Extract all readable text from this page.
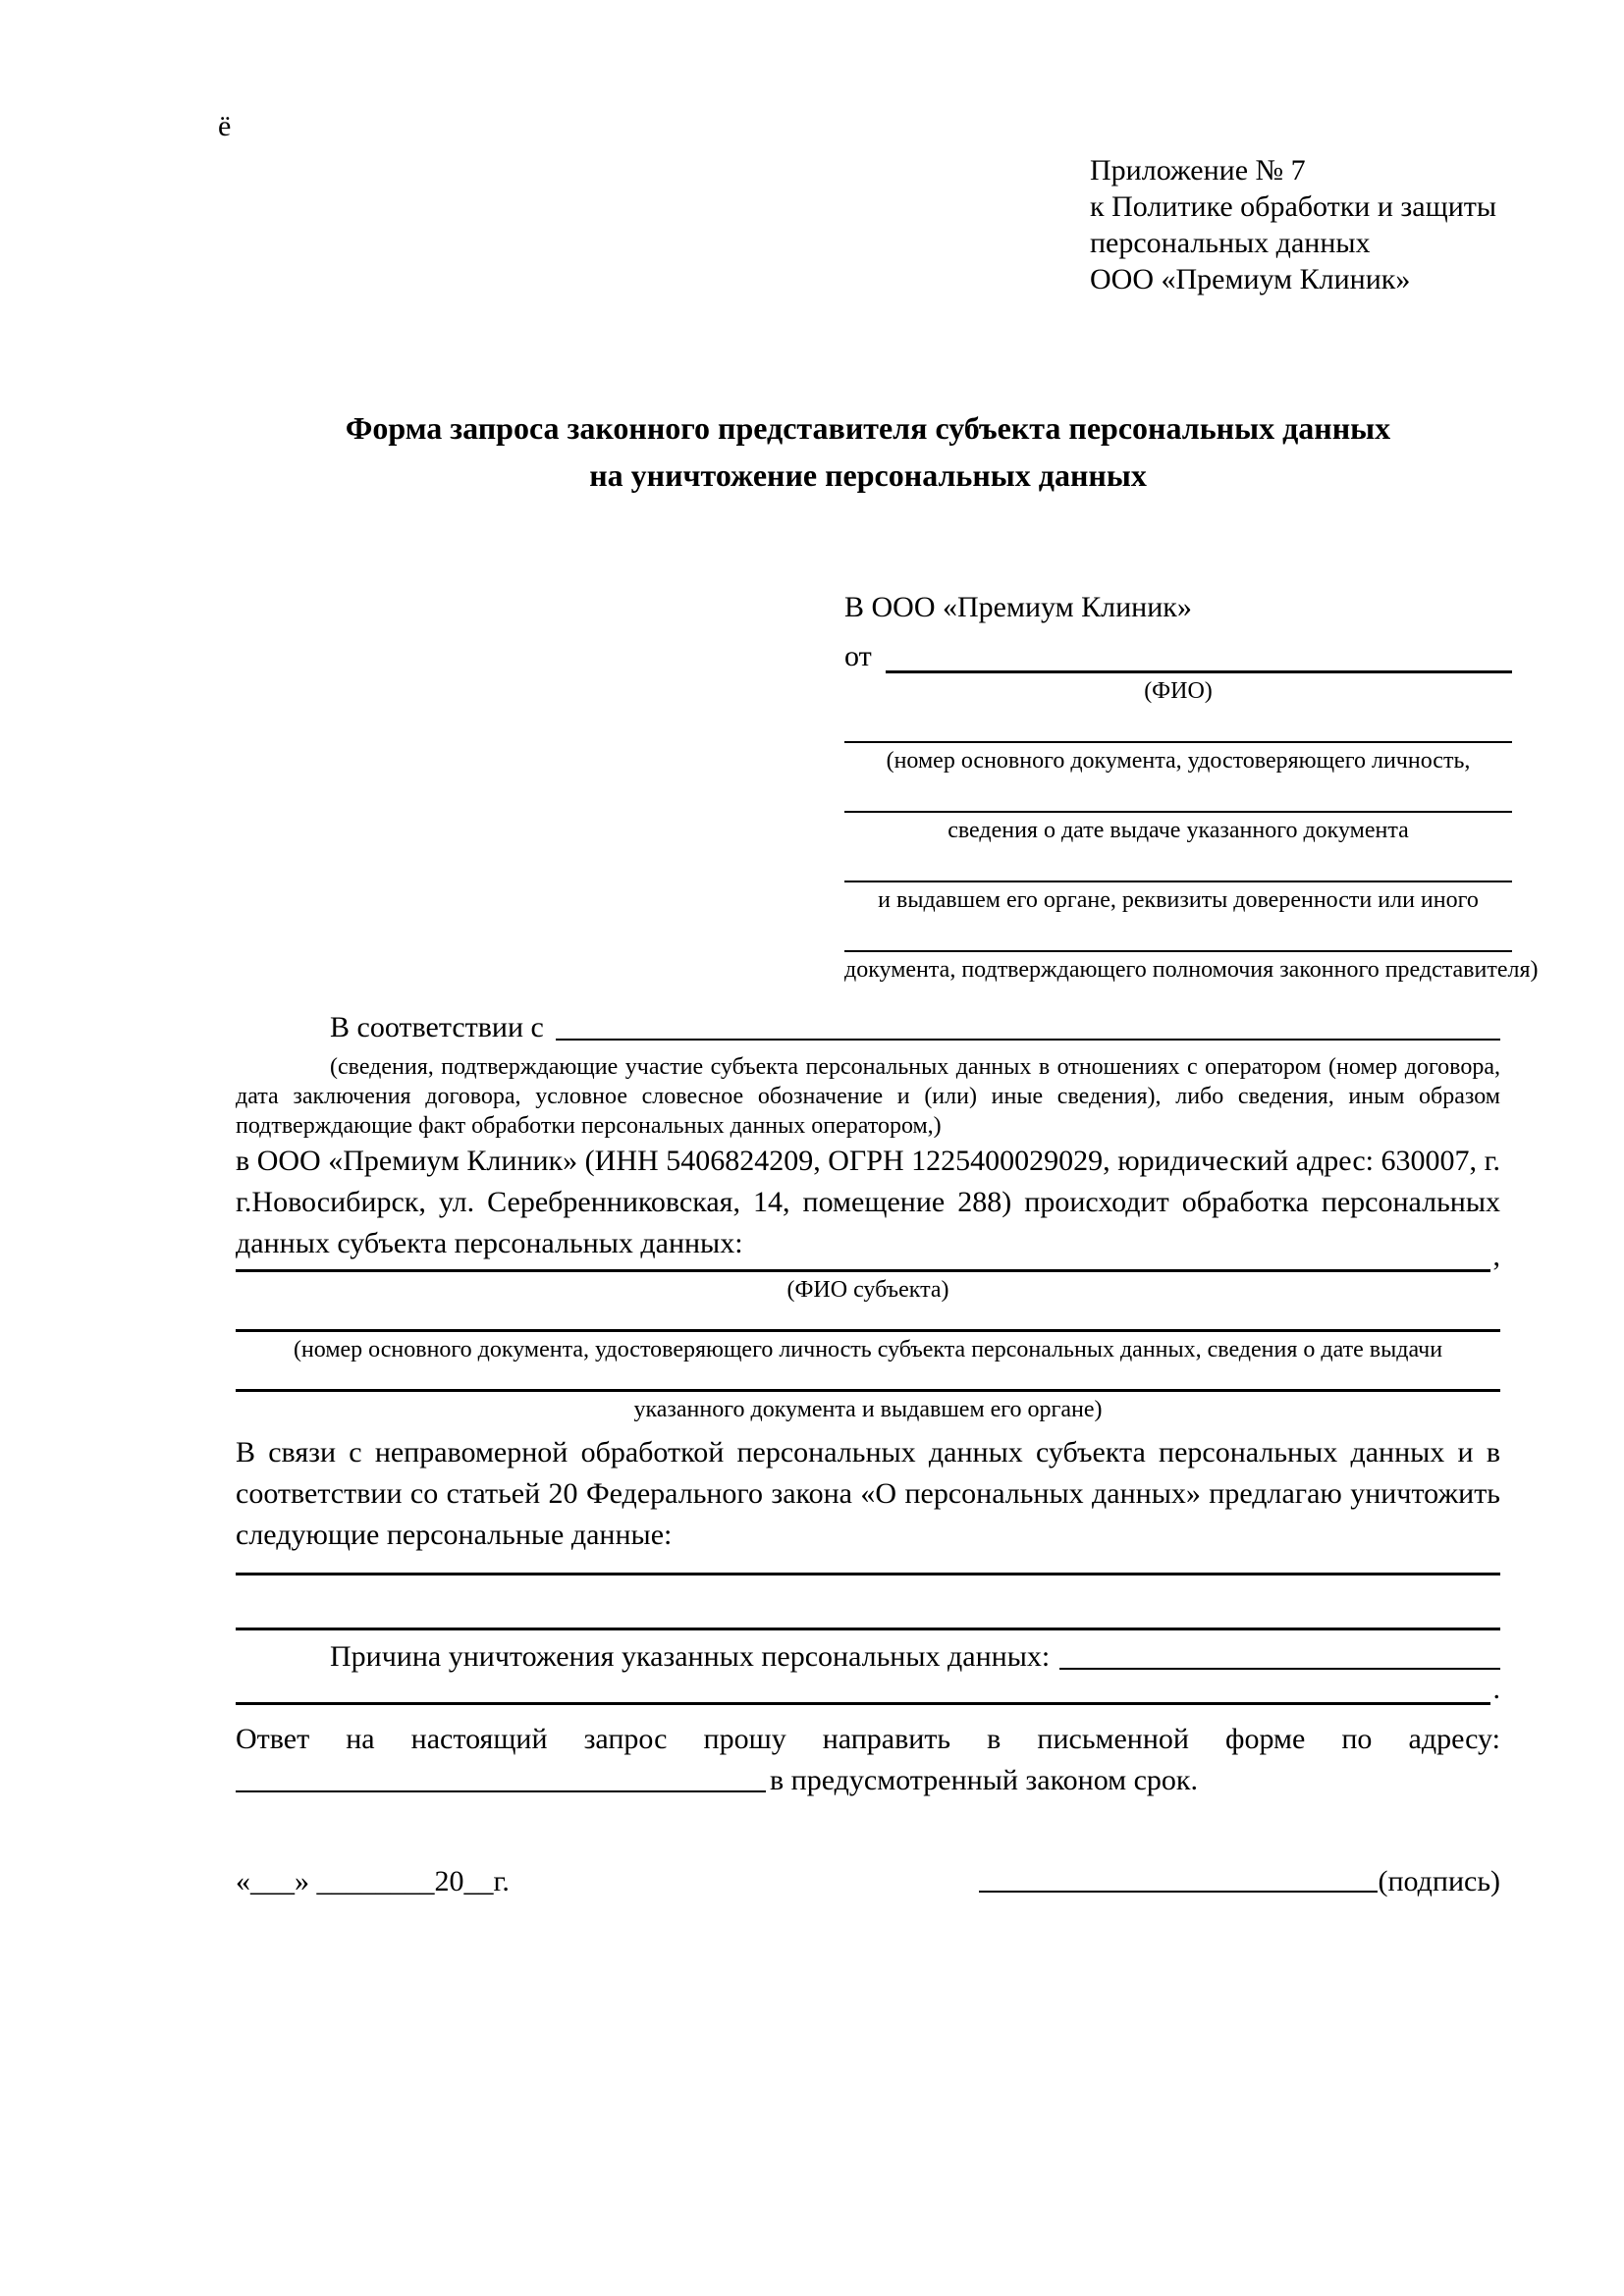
ё
Приложение № 7
к Политике обработки и защиты
персональных данных
ООО «Премиум Клиник»
Форма запроса законного представителя субъекта персональных данных
на уничтожение персональных данных
В ООО «Премиум Клиник»
от
(ФИО)
(номер основного документа, удостоверяющего личность,
сведения о дате выдаче указанного документа
и выдавшем его органе, реквизиты доверенности или иного
документа, подтверждающего полномочия законного представителя)
В соответствии с

(сведения, подтверждающие участие субъекта персональных данных в отношениях с оператором (номер договора, дата заключения договора, условное словесное обозначение и (или) иные сведения), либо сведения, иным образом подтверждающие факт обработки персональных данных оператором,)

в ООО «Премиум Клиник» (ИНН 5406824209, ОГРН 1225400029029, юридический адрес: 630007, г. г.Новосибирск, ул. Серебренниковская, 14, помещение 288) происходит обработка персональных данных субъекта персональных данных:	,
(ФИО субъекта)
(номер основного документа, удостоверяющего личность субъекта персональных данных, сведения о дате выдачи
указанного документа и выдавшем его органе)

В связи с неправомерной обработкой персональных данных субъекта персональных данных и в соответствии со статьей 20 Федерального закона «О персональных данных» предлагаю уничтожить следующие персональные данные:

Причина уничтожения указанных персональных данных:
.

Ответ на настоящий запрос прошу направить в письменной форме по адресу:

в предусмотренный законом срок.
«___» ________20__г.	(подпись)
